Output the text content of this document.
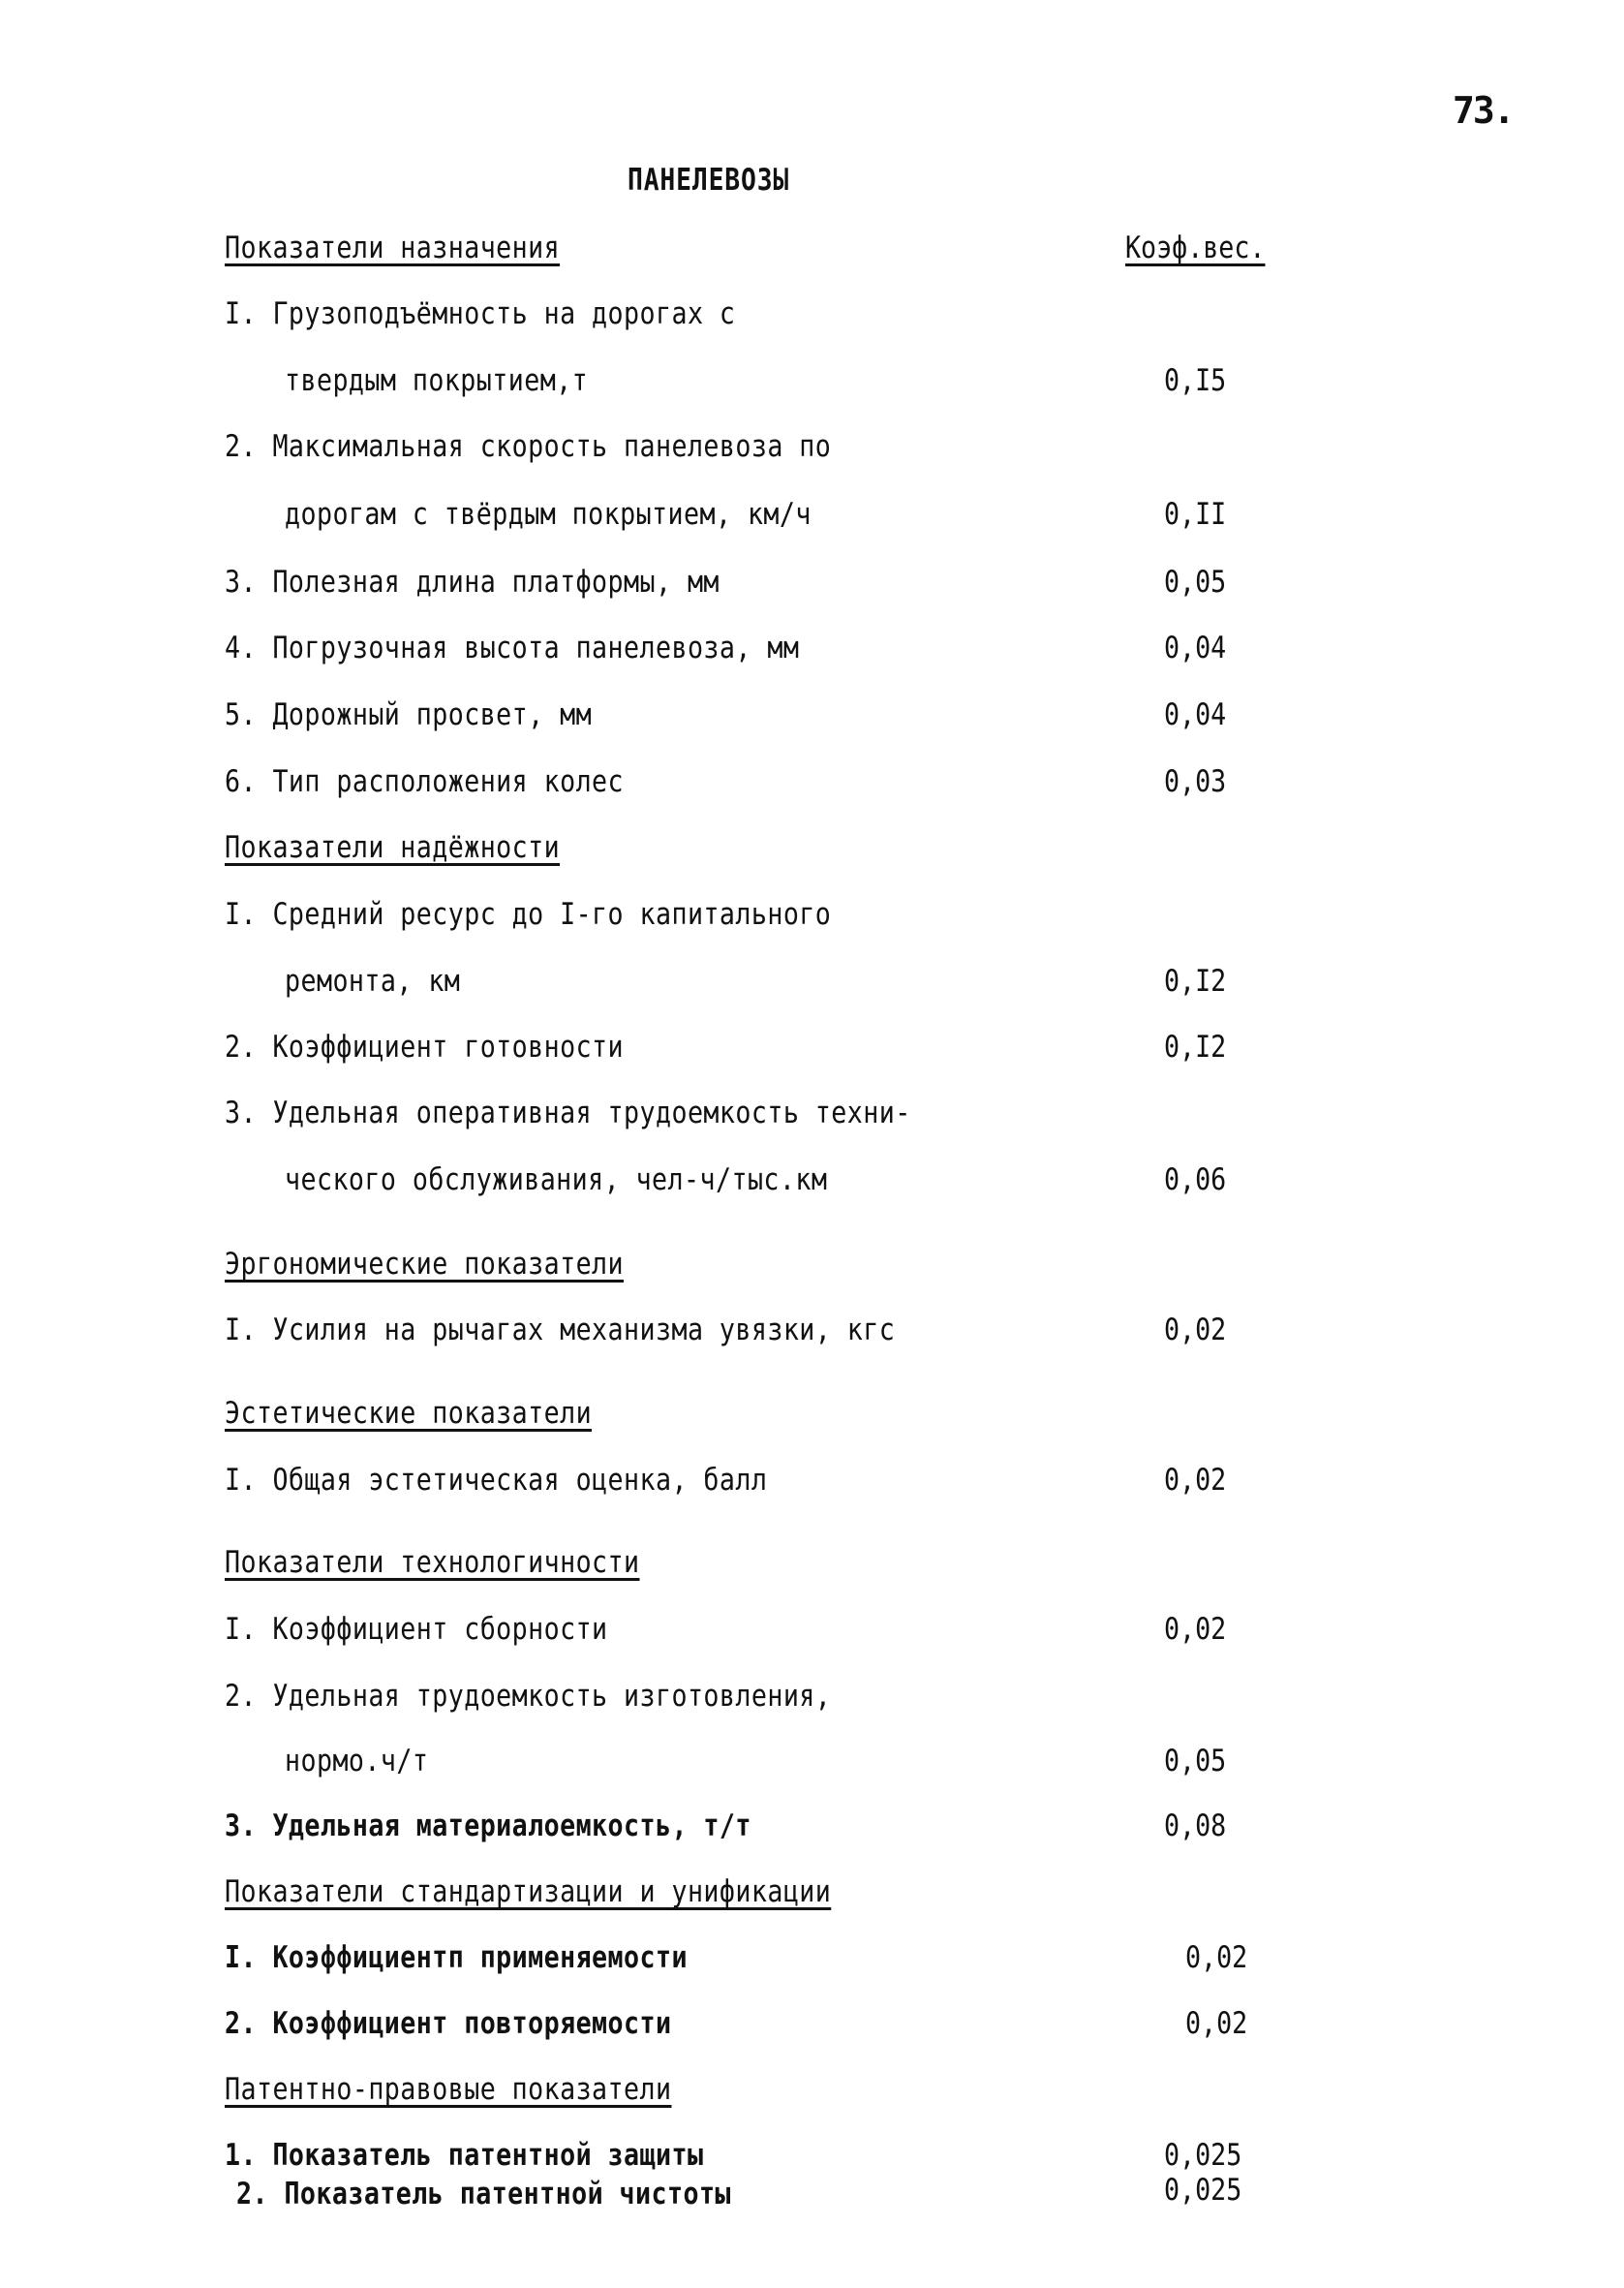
73.
ПАНЕЛЕВОЗЫ
Показатели назначения	Коэф.вес.
I. Грузоподъёмность на дорогах с
твердым покрытием,т	0,I5
2. Максимальная скорость панелевоза по
дорогам с твёрдым покрытием, км/ч	0,II
3. Полезная длина платформы, мм	0,05
4. Погрузочная высота панелевоза, мм	0,04
5. Дорожный просвет, мм	0,04
6. Тип расположения колес	0,03
Показатели надёжности
I. Средний ресурс до I-го капитального
ремонта, км	0,I2
2. Коэффициент готовности	0,I2
3. Удельная оперативная трудоемкость техни-
ческого обслуживания, чел-ч/тыс.км	0,06
Эргономические показатели
I. Усилия на рычагах механизма увязки, кгс	0,02
Эстетические показатели
I. Общая эстетическая оценка, балл	0,02
Показатели технологичности
I. Коэффициент сборности	0,02
2. Удельная трудоемкость изготовления,
нормо.ч/т	0,05
3. Удельная материалоемкость, т/т	0,08
Показатели стандартизации и унификации
I. Коэффициентп применяемости	0,02
2. Коэффициент повторяемости	0,02
Патентно-правовые показатели
1. Показатель патентной защиты	0,025
2. Показатель патентной чистоты	0,025
